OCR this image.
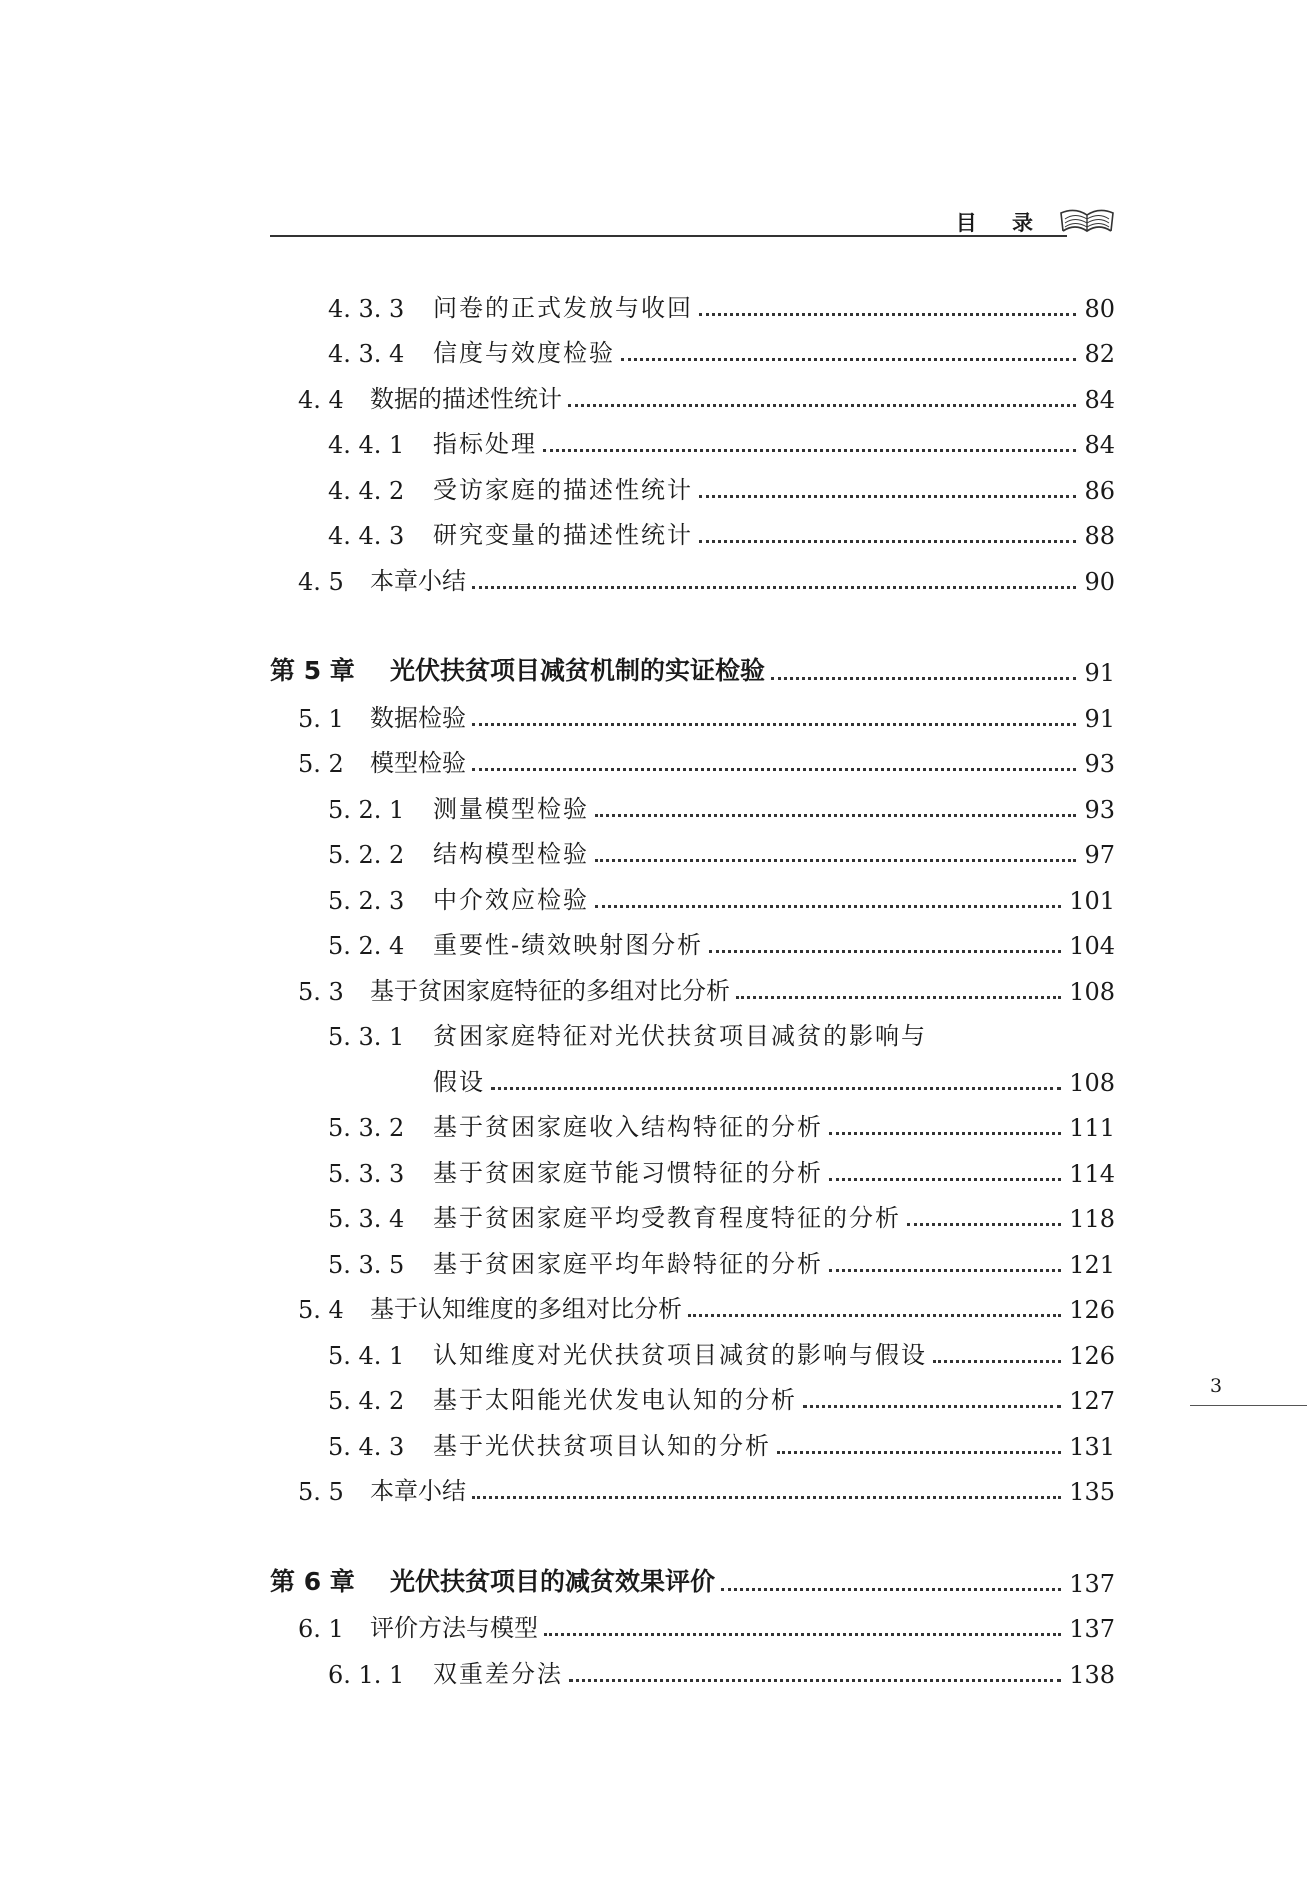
目 录
4. 3. 3	问卷的正式发放与收回	80
4. 3. 4	信度与效度检验	82
4. 4	数据的描述性统计	84
4. 4. 1	指标处理	84
4. 4. 2	受访家庭的描述性统计	86
4. 4. 3	研究变量的描述性统计	88
4. 5	本章小结	90
第 5 章	光伏扶贫项目减贫机制的实证检验	91
5. 1	数据检验	91
5. 2	模型检验	93
5. 2. 1	测量模型检验	93
5. 2. 2	结构模型检验	97
5. 2. 3	中介效应检验	101
5. 2. 4	重要性-绩效映射图分析	104
5. 3	基于贫困家庭特征的多组对比分析	108
5. 3. 1	贫困家庭特征对光伏扶贫项目减贫的影响与
假设	108
5. 3. 2	基于贫困家庭收入结构特征的分析	111
5. 3. 3	基于贫困家庭节能习惯特征的分析	114
5. 3. 4	基于贫困家庭平均受教育程度特征的分析	118
5. 3. 5	基于贫困家庭平均年龄特征的分析	121
5. 4	基于认知维度的多组对比分析	126
5. 4. 1	认知维度对光伏扶贫项目减贫的影响与假设	126
5. 4. 2	基于太阳能光伏发电认知的分析	127
5. 4. 3	基于光伏扶贫项目认知的分析	131
5. 5	本章小结	135
第 6 章	光伏扶贫项目的减贫效果评价	137
6. 1	评价方法与模型	137
6. 1. 1	双重差分法	138
3
